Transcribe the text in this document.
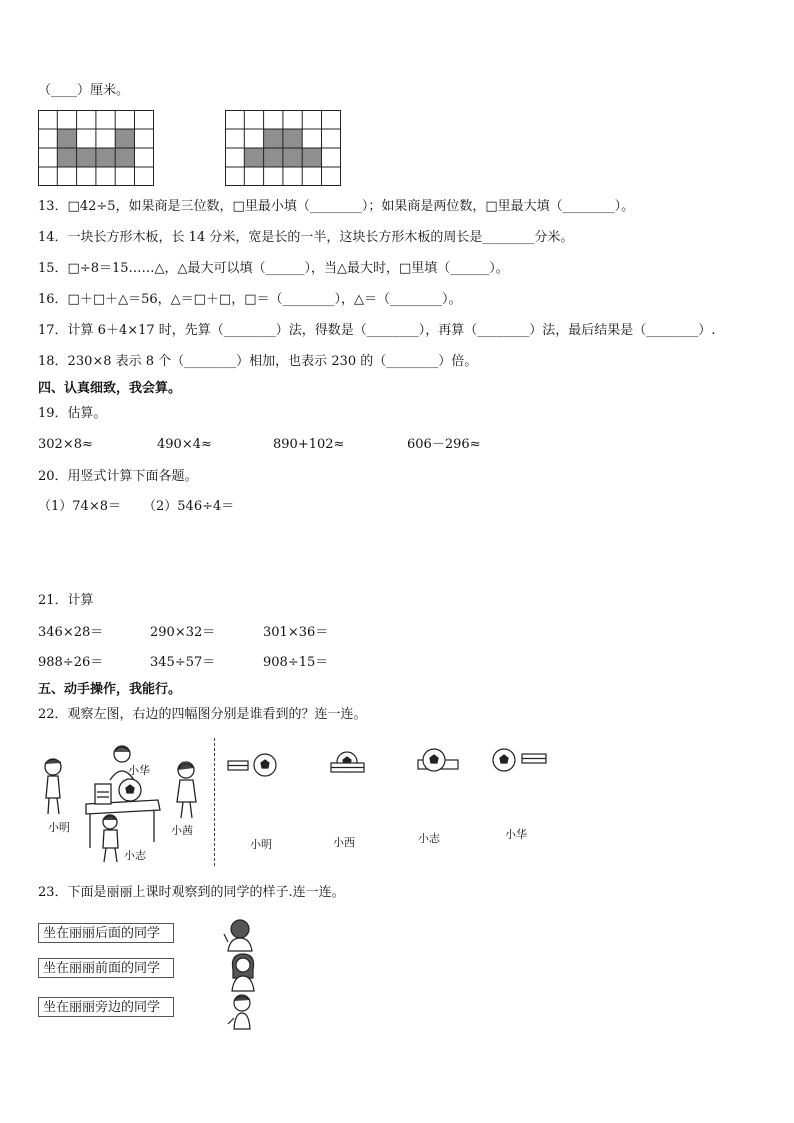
（____）厘米。
13．□42÷5，如果商是三位数，□里最小填（________）；如果商是两位数，□里最大填（________）。
14．一块长方形木板，长 14 分米，宽是长的一半，这块长方形木板的周长是________分米。
15．□÷8＝15……△，△最大可以填（______），当△最大时，□里填（______）。
16．□＋□＋△＝56，△＝□＋□，□＝（________），△＝（________）。
17．计算 6＋4×17 时，先算（________）法，得数是（________），再算（________）法，最后结果是（________）.
18．230×8 表示 8 个（________）相加，也表示 230 的（________）倍。
四、认真细致，我会算。
19．估算。
302×8≈	490×4≈	890+102≈	606－296≈
20．用竖式计算下面各题。
（1）74×8＝ （2）546÷4＝
21．计算
346×28＝	290×32＝	301×36＝
988÷26＝	345÷57＝	908÷15＝
五、动手操作，我能行。
22．观察左图，右边的四幅图分别是谁看到的？连一连。
小华
小明	小茜
小志
小明	小西	小志	小华
23．下面是丽丽上课时观察到的同学的样子.连一连。
坐在丽丽后面的同学
坐在丽丽前面的同学
坐在丽丽旁边的同学
